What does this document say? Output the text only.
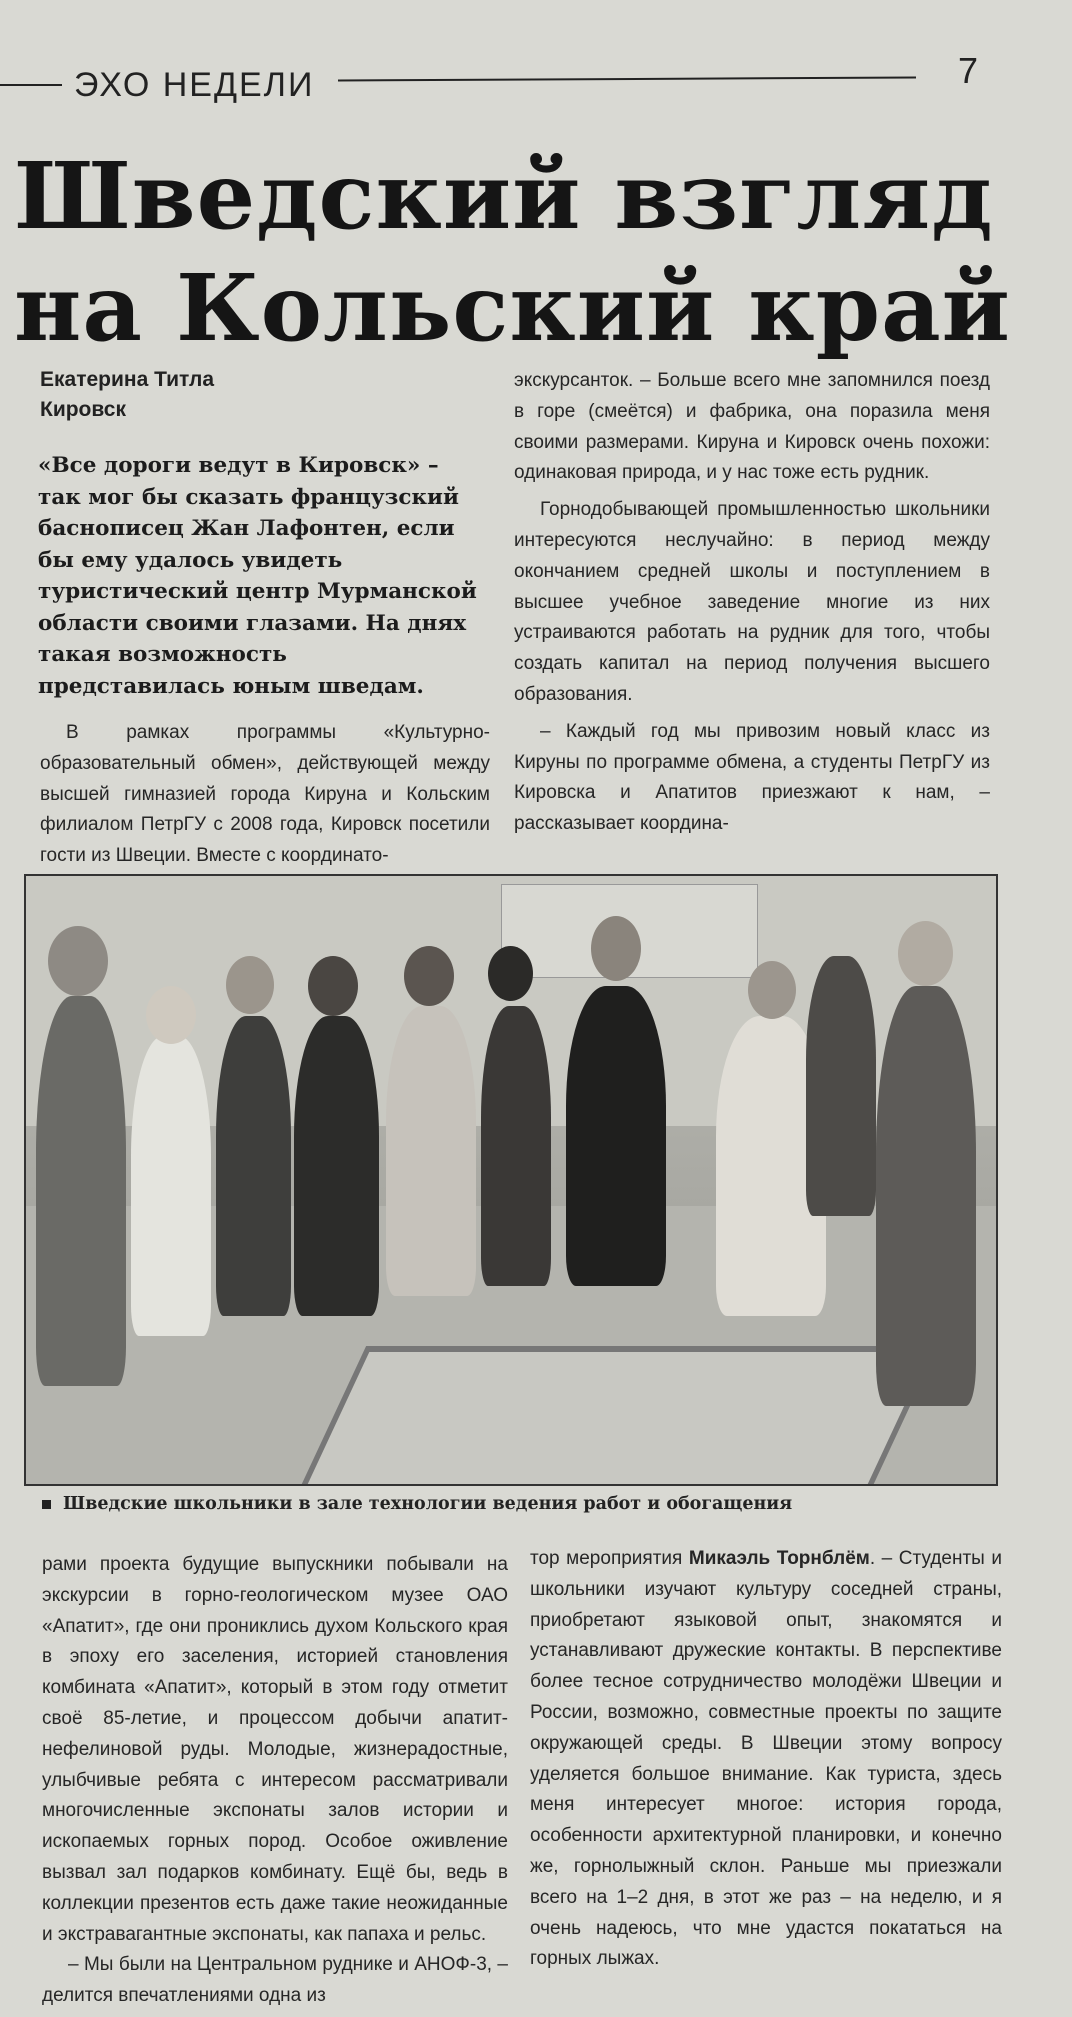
ЭХО НЕДЕЛИ	7
Шведский взгляд
на Кольский край
Екатерина Титла
Кировск
«Все дороги ведут в Кировск» – так мог бы сказать французский баснописец Жан Лафонтен, если бы ему удалось увидеть туристический центр Мурманской области своими глазами. На днях такая возможность представилась юным шведам.

В рамках программы «Культурно-образовательный обмен», действующей между высшей гимназией города Кируна и Кольским филиалом ПетрГУ с 2008 года, Кировск посетили гости из Швеции. Вместе с координато-

экскурсанток. – Больше всего мне запомнился поезд в горе (смеётся) и фабрика, она поразила меня своими размерами. Кируна и Кировск очень похожи: одинаковая природа, и у нас тоже есть рудник.

Горнодобывающей промышленностью школьники интересуются неслучайно: в период между окончанием средней школы и поступлением в высшее учебное заведение многие из них устраиваются работать на рудник для того, чтобы создать капитал на период получения высшего образования.

– Каждый год мы привозим новый класс из Кируны по программе обмена, а студенты ПетрГУ из Кировска и Апатитов приезжают к нам, – рассказывает координа-

Шведские школьники в зале технологии ведения работ и обогащения

рами проекта будущие выпускники побывали на экскурсии в горно-геологическом музее ОАО «Апатит», где они прониклись духом Кольского края в эпоху его заселения, историей становления комбината «Апатит», который в этом году отметит своё 85-летие, и процессом добычи апатит-нефелиновой руды. Молодые, жизнерадостные, улыбчивые ребята с интересом рассматривали многочисленные экспонаты залов истории и ископаемых горных пород. Особое оживление вызвал зал подарков комбинату. Ещё бы, ведь в коллекции презентов есть даже такие неожиданные и экстравагантные экспонаты, как папаха и рельс.

– Мы были на Центральном руднике и АНОФ-3, – делится впечатлениями одна из

тор мероприятия Микаэль Торнблём. – Студенты и школьники изучают культуру соседней страны, приобретают языковой опыт, знакомятся и устанавливают дружеские контакты. В перспективе более тесное сотрудничество молодёжи Швеции и России, возможно, совместные проекты по защите окружающей среды. В Швеции этому вопросу уделяется большое внимание. Как туриста, здесь меня интересует многое: история города, особенности архитектурной планировки, и конечно же, горнолыжный склон. Раньше мы приезжали всего на 1–2 дня, в этот же раз – на неделю, и я очень надеюсь, что мне удастся покататься на горных лыжах.
